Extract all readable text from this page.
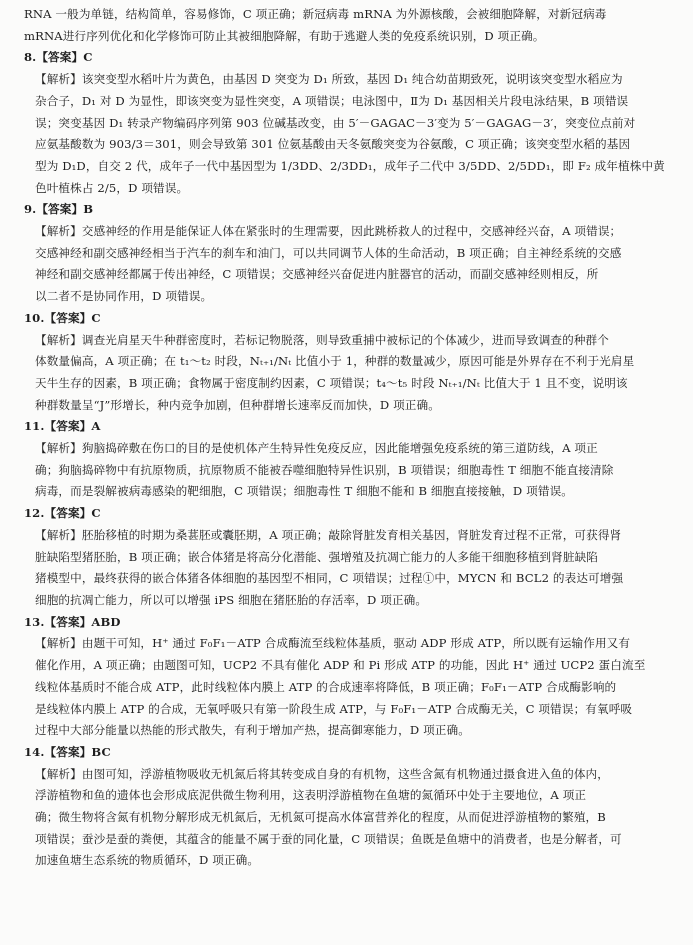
RNA 一般为单链，结构简单，容易修饰，C 项正确；新冠病毒 mRNA 为外源核酸，会被细胞降解，对新冠病毒
mRNA进行序列优化和化学修饰可防止其被细胞降解，有助于逃避人类的免疫系统识别，D 项正确。
8.【答案】C
【解析】该突变型水稻叶片为黄色，由基因 D 突变为 D₁ 所致，基因 D₁ 纯合幼苗期致死，说明该突变型水稻应为
杂合子，D₁ 对 D 为显性，即该突变为显性突变，A 项错误；电泳图中，Ⅱ为 D₁ 基因相关片段电泳结果，B 项错误
误；突变基因 D₁ 转录产物编码序列第 903 位碱基改变，由 5′－GAGAC－3′变为 5′－GAGAG－3′，突变位点前对
应氨基酸数为 903/3＝301，则会导致第 301 位氨基酸由天冬氨酸突变为谷氨酸，C 项正确；该突变型水稻的基因
型为 D₁D，自交 2 代，成年子一代中基因型为 1/3DD、2/3DD₁，成年子二代中 3/5DD、2/5DD₁，即 F₂ 成年植株中黄
色叶植株占 2/5，D 项错误。
9.【答案】B
【解析】交感神经的作用是能保证人体在紧张时的生理需要，因此跳桥救人的过程中，交感神经兴奋，A 项错误；
交感神经和副交感神经相当于汽车的刹车和油门，可以共同调节人体的生命活动，B 项正确；自主神经系统的交感
神经和副交感神经都属于传出神经，C 项错误；交感神经兴奋促进内脏器官的活动，而副交感神经则相反，所
以二者不是协同作用，D 项错误。
10.【答案】C
【解析】调查光肩星天牛种群密度时，若标记物脱落，则导致重捕中被标记的个体减少，进而导致调查的种群个
体数量偏高，A 项正确；在 t₁～t₂ 时段，Nₜ₊₁/Nₜ 比值小于 1，种群的数量减少，原因可能是外界存在不利于光肩星
天牛生存的因素，B 项正确；食物属于密度制约因素，C 项错误；t₄～t₅ 时段 Nₜ₊₁/Nₜ 比值大于 1 且不变，说明该
种群数量呈“J”形增长，种内竞争加剧，但种群增长速率反而加快，D 项正确。
11.【答案】A
【解析】狗脑捣碎敷在伤口的目的是使机体产生特异性免疫反应，因此能增强免疫系统的第三道防线，A 项正
确；狗脑捣碎物中有抗原物质，抗原物质不能被吞噬细胞特异性识别，B 项错误；细胞毒性 T 细胞不能直接清除
病毒，而是裂解被病毒感染的靶细胞，C 项错误；细胞毒性 T 细胞不能和 B 细胞直接接触，D 项错误。
12.【答案】C
【解析】胚胎移植的时期为桑葚胚或囊胚期，A 项正确；敲除肾脏发育相关基因，肾脏发育过程不正常，可获得肾
脏缺陷型猪胚胎，B 项正确；嵌合体猪是将高分化潜能、强增殖及抗凋亡能力的人多能干细胞移植到肾脏缺陷
猪模型中，最终获得的嵌合体猪各体细胞的基因型不相同，C 项错误；过程①中，MYCN 和 BCL2 的表达可增强
细胞的抗凋亡能力，所以可以增强 iPS 细胞在猪胚胎的存活率，D 项正确。
13.【答案】ABD
【解析】由题干可知，H⁺ 通过 F₀F₁－ATP 合成酶流至线粒体基质，驱动 ADP 形成 ATP，所以既有运输作用又有
催化作用，A 项正确；由题图可知，UCP2 不具有催化 ADP 和 Pi 形成 ATP 的功能，因此 H⁺ 通过 UCP2 蛋白流至
线粒体基质时不能合成 ATP，此时线粒体内膜上 ATP 的合成速率将降低，B 项正确；F₀F₁－ATP 合成酶影响的
是线粒体内膜上 ATP 的合成，无氧呼吸只有第一阶段生成 ATP，与 F₀F₁－ATP 合成酶无关，C 项错误；有氧呼吸
过程中大部分能量以热能的形式散失，有利于增加产热，提高御寒能力，D 项正确。
14.【答案】BC
【解析】由图可知，浮游植物吸收无机氮后将其转变成自身的有机物，这些含氮有机物通过摄食进入鱼的体内，
浮游植物和鱼的遗体也会形成底泥供微生物利用，这表明浮游植物在鱼塘的氮循环中处于主要地位，A 项正
确；微生物将含氮有机物分解形成无机氮后，无机氮可提高水体富营养化的程度，从而促进浮游植物的繁殖，B
项错误；蚕沙是蚕的粪便，其蕴含的能量不属于蚕的同化量，C 项错误；鱼既是鱼塘中的消费者，也是分解者，可
加速鱼塘生态系统的物质循环，D 项正确。
